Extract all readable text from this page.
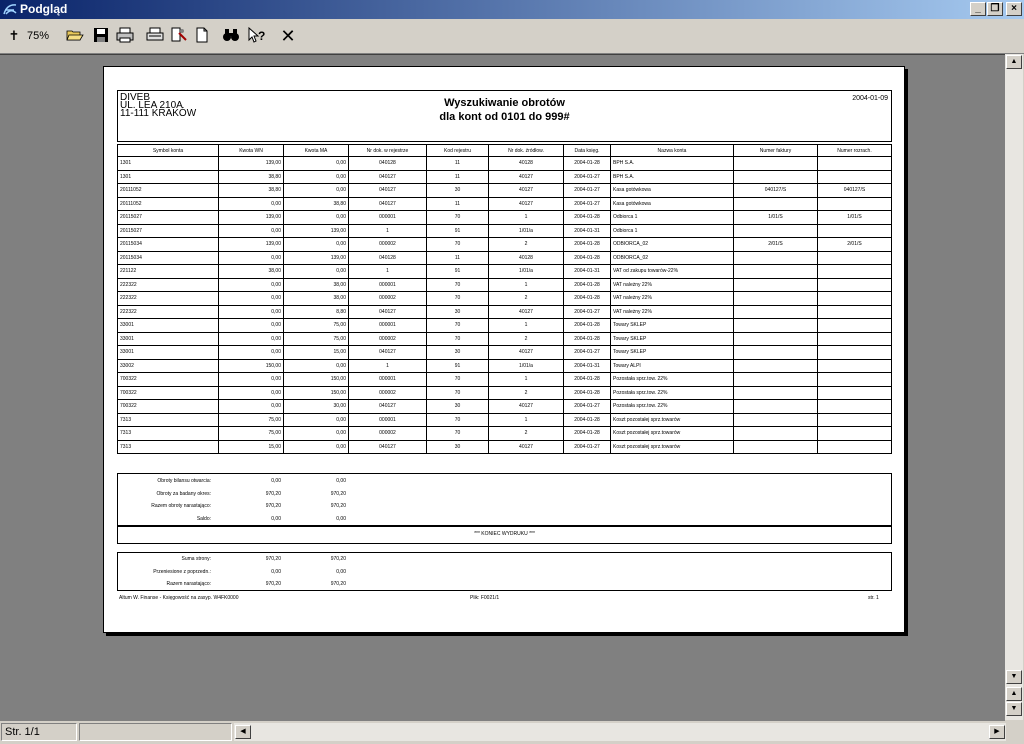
Podgląd	_ ❐	×
✝ 75%	? ✕
▲
▼
▲
▼
DIVEB
UL. LEA 210A
11-111 KRAKÓW
Wyszukiwanie obrotów
dla kont od 0101 do 999#
2004-01-09
Symbol konta	Kwota WN	Kwota MA	Nr dok. w rejestrze	Kod rejestru	Nr dok. źródłow.	Data księg.	Nazwa konta	Numer faktury	Numer rozrach.
1301	139,00	0,00	040128	11	40128	2004-01-28	BPH S.A.		
1301	38,80	0,00	040127	11	40127	2004-01-27	BPH S.A.		
20111052	38,80	0,00	040127	30	40127	2004-01-27	Kasa gotówkowa	040127/S	040127/S
20111052	0,00	38,80	040127	11	40127	2004-01-27	Kasa gotówkowa		
20115027	139,00	0,00	000001	70	1	2004-01-28	Odbiorca 1	1/01/S	1/01/S
20115027	0,00	139,00	1	91	1/01/a	2004-01-31	Odbiorca 1		
20115034	139,00	0,00	000002	70	2	2004-01-28	ODBIORCA_02	2/01/S	2/01/S
20115034	0,00	139,00	040128	11	40128	2004-01-28	ODBIORCA_02		
221122	38,00	0,00	1	91	1/01/a	2004-01-31	VAT od zakupu towarów-22%		
222322	0,00	38,00	000001	70	1	2004-01-28	VAT należny 22%		
222322	0,00	38,00	000002	70	2	2004-01-28	VAT należny 22%		
222322	0,00	8,80	040127	30	40127	2004-01-27	VAT należny 22%		
33001	0,00	75,00	000001	70	1	2004-01-28	Towary SKLEP		
33001	0,00	75,00	000002	70	2	2004-01-28	Towary SKLEP		
33001	0,00	15,00	040127	30	40127	2004-01-27	Towary SKLEP		
33002	150,00	0,00	1	91	1/01/a	2004-01-31	Towary ALPI		
700322	0,00	150,00	000001	70	1	2004-01-28	Pozostała sprz.tow. 22%		
700322	0,00	150,00	000002	70	2	2004-01-28	Pozostała sprz.tow. 22%		
700322	0,00	30,00	040127	30	40127	2004-01-27	Pozostała sprz.tow. 22%		
7313	75,00	0,00	000001	70	1	2004-01-28	Koszt pozostałej sprz.towarów		
7313	75,00	0,00	000002	70	2	2004-01-28	Koszt pozostałej sprz.towarów		
7313	15,00	0,00	040127	30	40127	2004-01-27	Koszt pozostałej sprz.towarów		
Obroty bilansu otwarcia:	0,00	0,00
Obroty za badany okres:	970,20	970,20
Razem obroty narastająco:	970,20	970,20
Saldo:	0,00	0,00
*** KONIEC WYDRUKU ***
Suma strony:	970,20	970,20
Przeniesione z poprzedn.:	0,00	0,00
Razem narastająco:	970,20	970,20
Altum W. Finanse - Księgowość na zasyp. W4FK0000	Plik: F0021/1	str. 1
Str. 1/1	◀	▶
